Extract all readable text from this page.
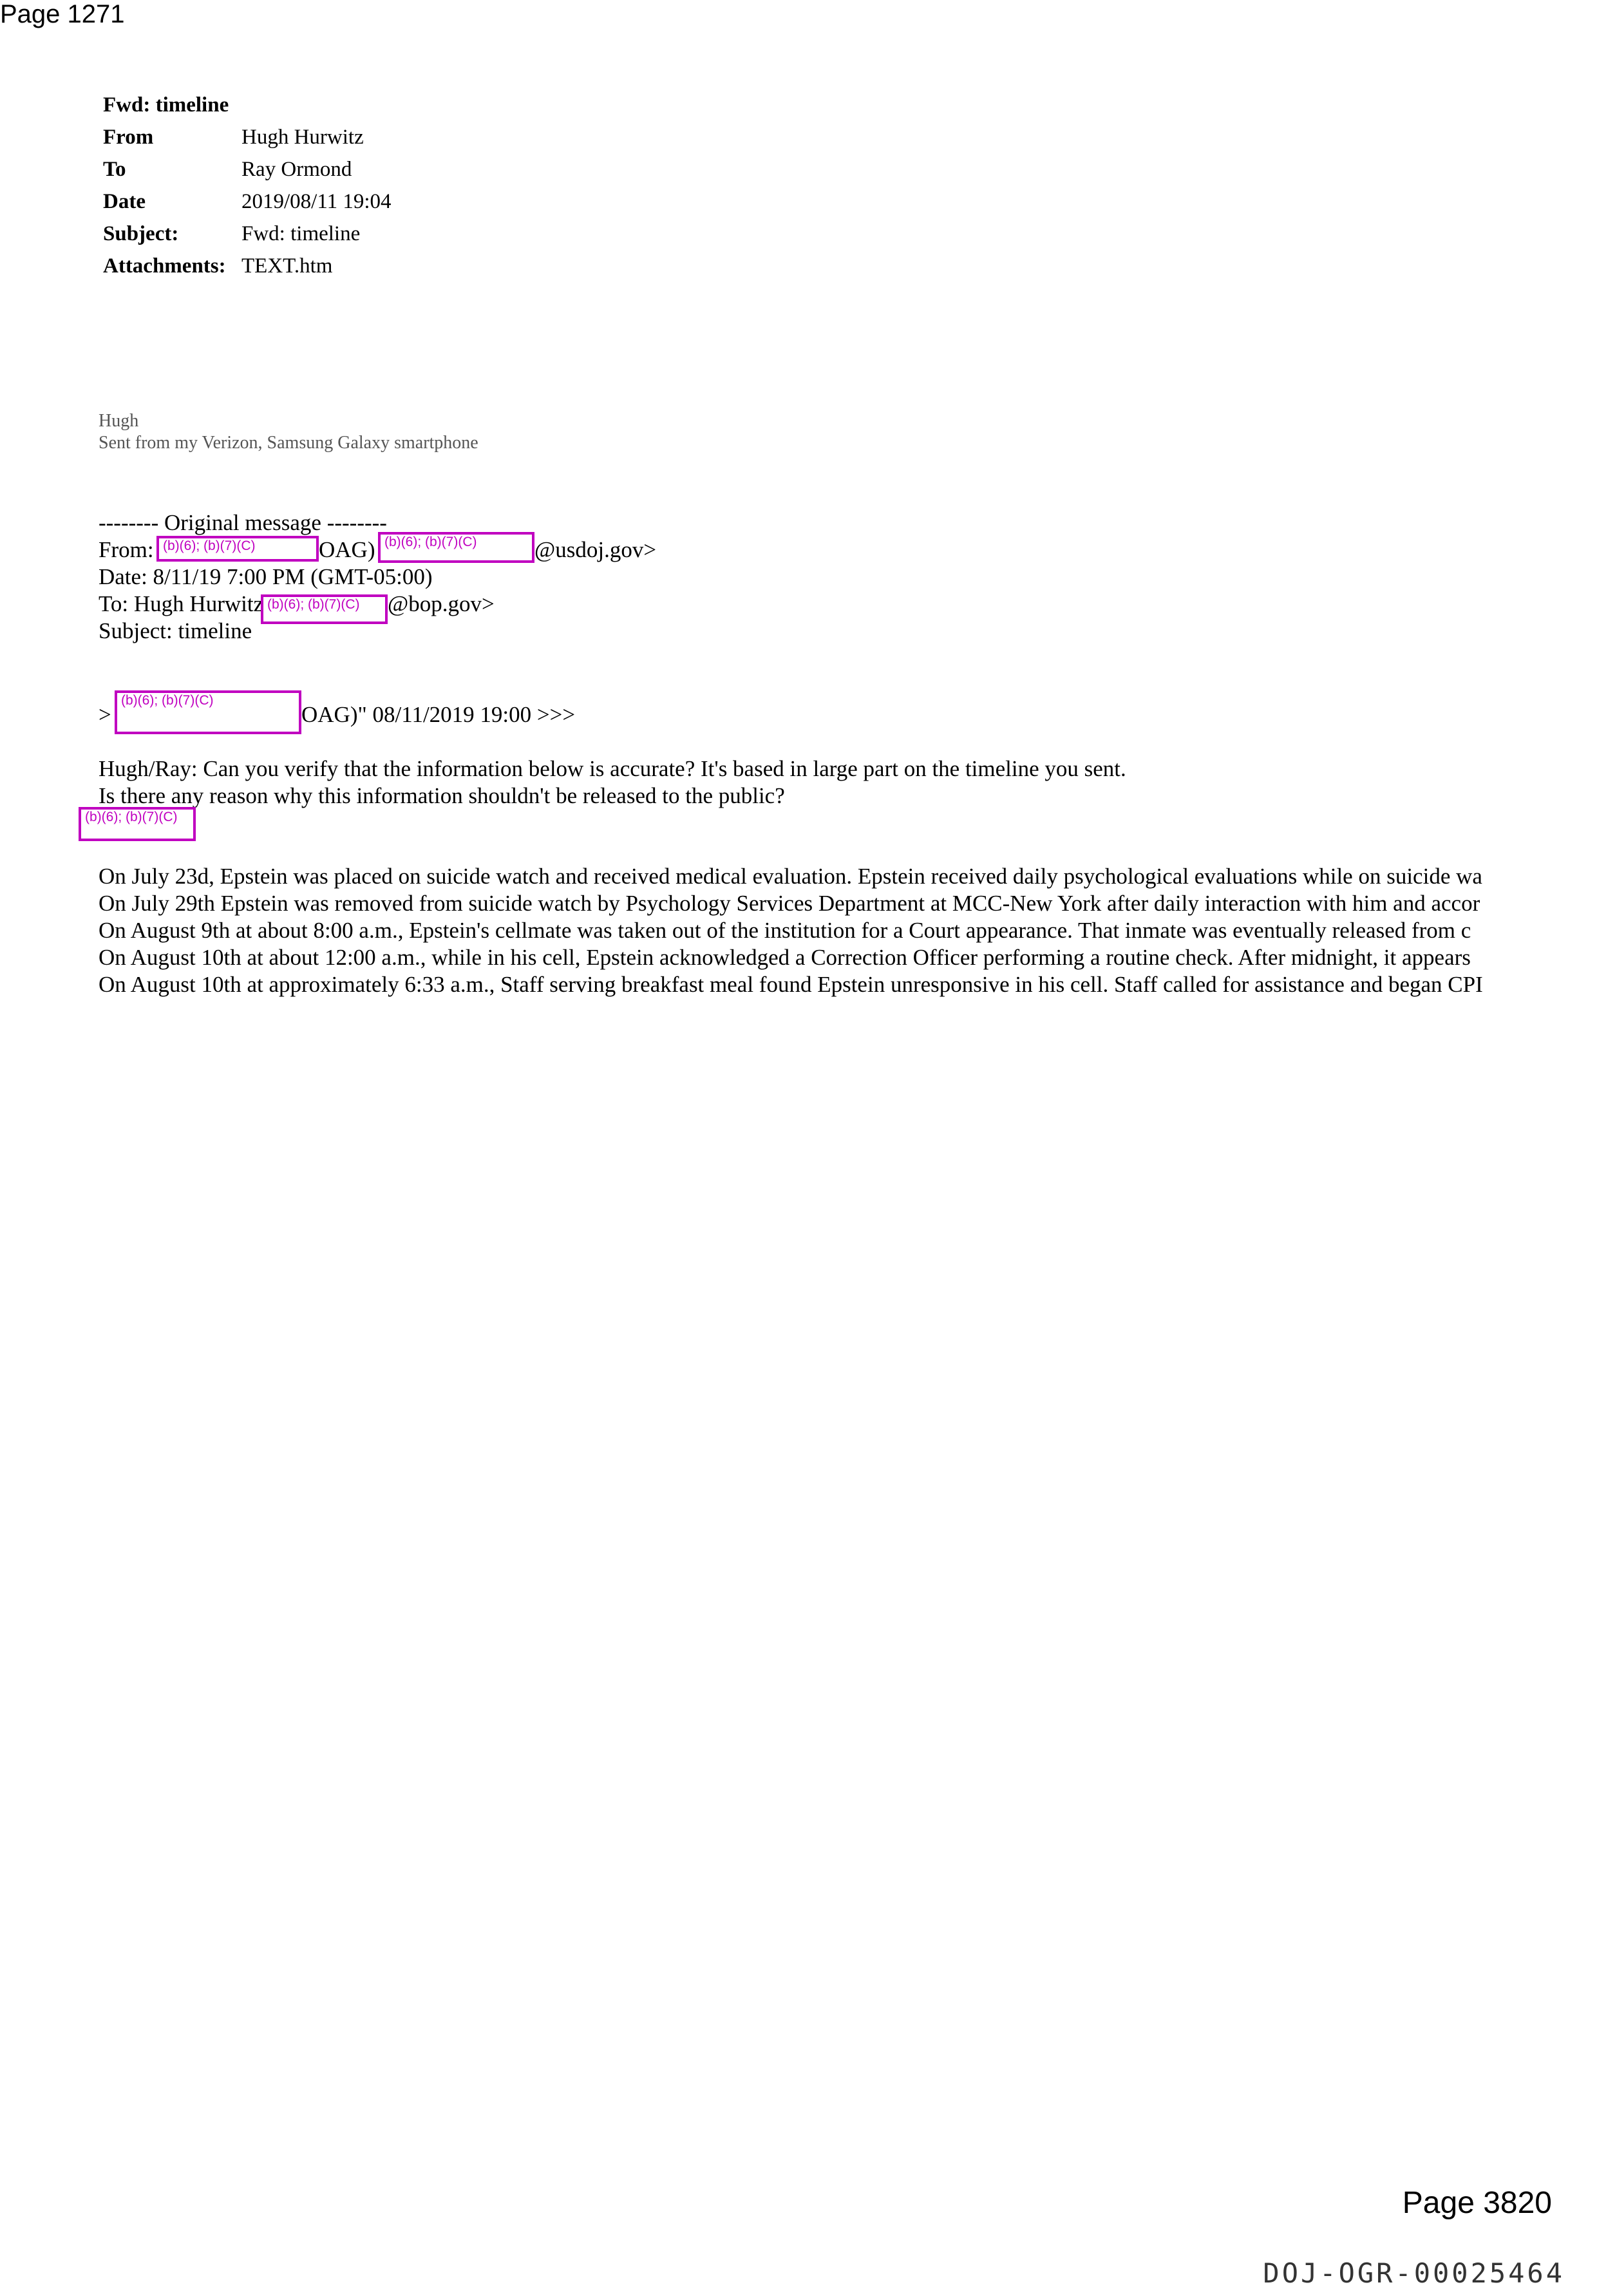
Page 1271
Fwd: timeline
From	Hugh Hurwitz
To	Ray Ormond
Date	2019/08/11 19:04
Subject:	Fwd: timeline
Attachments: TEXT.htm
Hugh
Sent from my Verizon, Samsung Galaxy smartphone
-------- Original message --------
From: (b)(6); (b)(7)(C)	OAG) (b)(6); (b)(7)(C)	@usdoj.gov>
Date: 8/11/19 7:00 PM (GMT-05:00)
To: Hugh Hurwitz (b)(6); (b)(7)(C) @bop.gov>
Subject: timeline
>
(b)(6); (b)(7)(C)
OAG)" 08/11/2019 19:00 >>>
Hugh/Ray: Can you verify that the information below is accurate? It's based in large part on the timeline you sent.
Is there any reason why this information shouldn't be released to the public?
(b)(6); (b)(7)(C)
On July 23d, Epstein was placed on suicide watch and received medical evaluation. Epstein received daily psychological evaluations while on suicide wa
On July 29th Epstein was removed from suicide watch by Psychology Services Department at MCC-New York after daily interaction with him and accor
On August 9th at about 8:00 a.m., Epstein's cellmate was taken out of the institution for a Court appearance. That inmate was eventually released from c
On August 10th at about 12:00 a.m., while in his cell, Epstein acknowledged a Correction Officer performing a routine check. After midnight, it appears
On August 10th at approximately 6:33 a.m., Staff serving breakfast meal found Epstein unresponsive in his cell. Staff called for assistance and began CPI
Page 3820
DOJ-OGR-00025464
